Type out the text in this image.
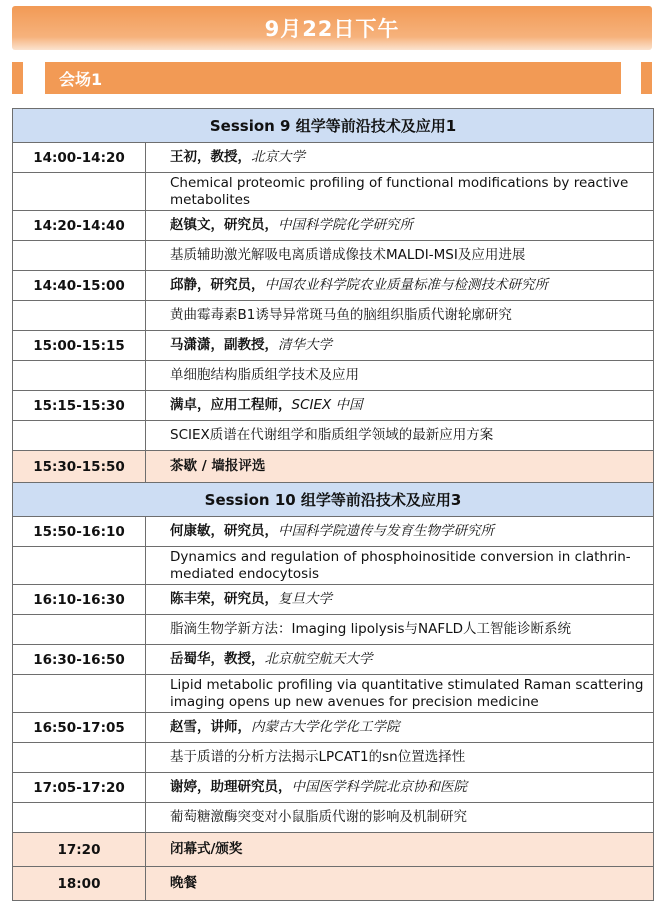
9月22日下午
会场1
Session 9 组学等前沿技术及应用1	
14:00-14:20	王初，教授，北京大学
	Chemical proteomic profiling of functional modifications by reactive metabolites
14:20-14:40	赵镇文，研究员，中国科学院化学研究所
	基质辅助激光解吸电离质谱成像技术MALDI-MSI及应用进展
14:40-15:00	邱静，研究员，中国农业科学院农业质量标准与检测技术研究所
	黄曲霉毒素B1诱导异常斑马鱼的脑组织脂质代谢轮廓研究
15:00-15:15	马潇潇，副教授，清华大学
	单细胞结构脂质组学技术及应用
15:15-15:30	满卓，应用工程师，SCIEX 中国
	SCIEX质谱在代谢组学和脂质组学领域的最新应用方案
15:30-15:50	茶歇 / 墙报评选
Session 10 组学等前沿技术及应用3	
15:50-16:10	何康敏，研究员，中国科学院遗传与发育生物学研究所
	Dynamics and regulation of phosphoinositide conversion in clathrin-mediated endocytosis
16:10-16:30	陈丰荣，研究员，复旦大学
	脂滴生物学新方法：Imaging lipolysis与NAFLD人工智能诊断系统
16:30-16:50	岳蜀华，教授，北京航空航天大学
	Lipid metabolic profiling via quantitative stimulated Raman scattering imaging opens up new avenues for precision medicine
16:50-17:05	赵雪，讲师，内蒙古大学化学化工学院
	基于质谱的分析方法揭示LPCAT1的sn位置选择性
17:05-17:20	谢婷，助理研究员，中国医学科学院北京协和医院
	葡萄糖激酶突变对小鼠脂质代谢的影响及机制研究
17:20	闭幕式/颁奖
18:00	晚餐
